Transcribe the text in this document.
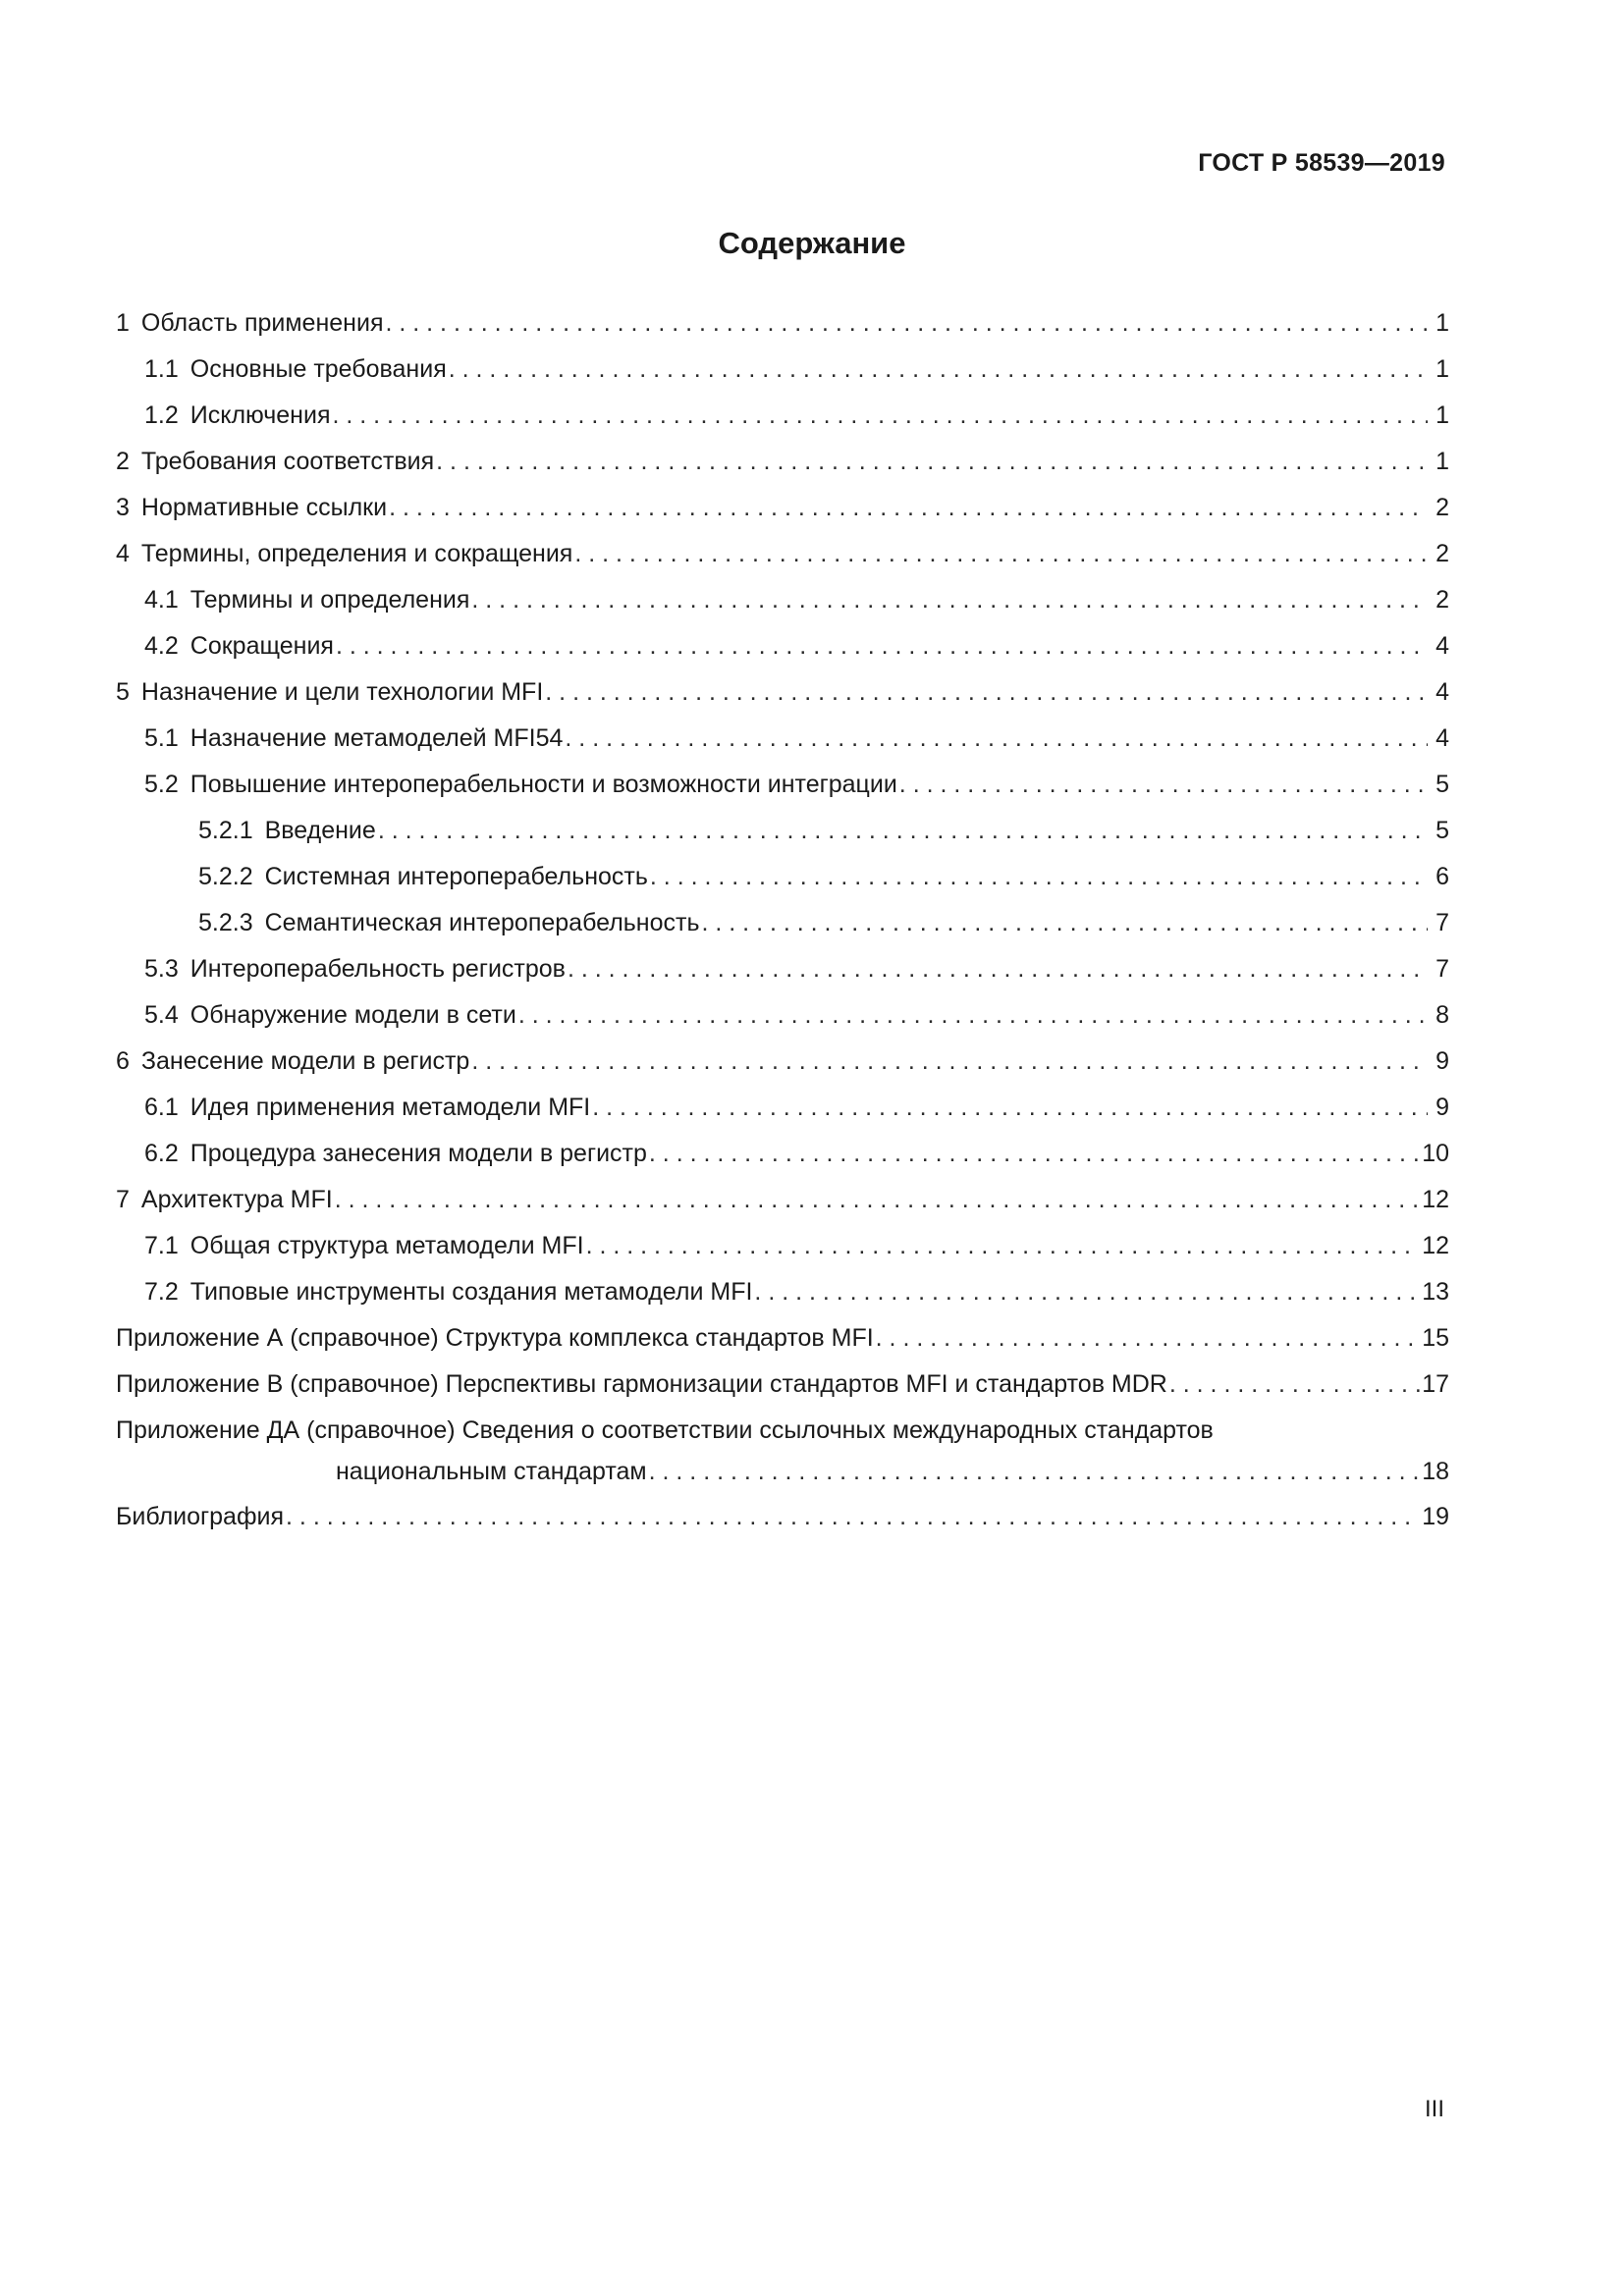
ГОСТ Р 58539—2019
Содержание
1 Область применения . . .	1
1.1 Основные требования . . .	1
1.2 Исключения . . .	1
2 Требования соответствия . . .	1
3 Нормативные ссылки . . .	2
4 Термины, определения и сокращения . . .	2
4.1 Термины и определения . . .	2
4.2 Сокращения . . .	4
5 Назначение и цели технологии MFI . . .	4
5.1 Назначение метамоделей MFI54 . . .	4
5.2 Повышение интероперабельности и возможности интеграции . . .	5
5.2.1 Введение . . .	5
5.2.2 Системная интероперабельность . . .	6
5.2.3 Семантическая интероперабельность . . .	7
5.3 Интероперабельность регистров . . .	7
5.4 Обнаружение модели в сети . . .	8
6 Занесение модели в регистр . . .	9
6.1 Идея применения метамодели MFI . . .	9
6.2 Процедура занесения модели в регистр . . .	10
7 Архитектура MFI . . .	12
7.1 Общая структура метамодели MFI . . .	12
7.2 Типовые инструменты создания метамодели MFI . . .	13
Приложение А (справочное) Структура комплекса стандартов MFI . . .	15
Приложение В (справочное) Перспективы гармонизации стандартов MFI и стандартов MDR . . .	17
Приложение ДА (справочное) Сведения о соответствии ссылочных международных стандартов
национальным стандартам . . .	18
Библиография . . .	19
III
